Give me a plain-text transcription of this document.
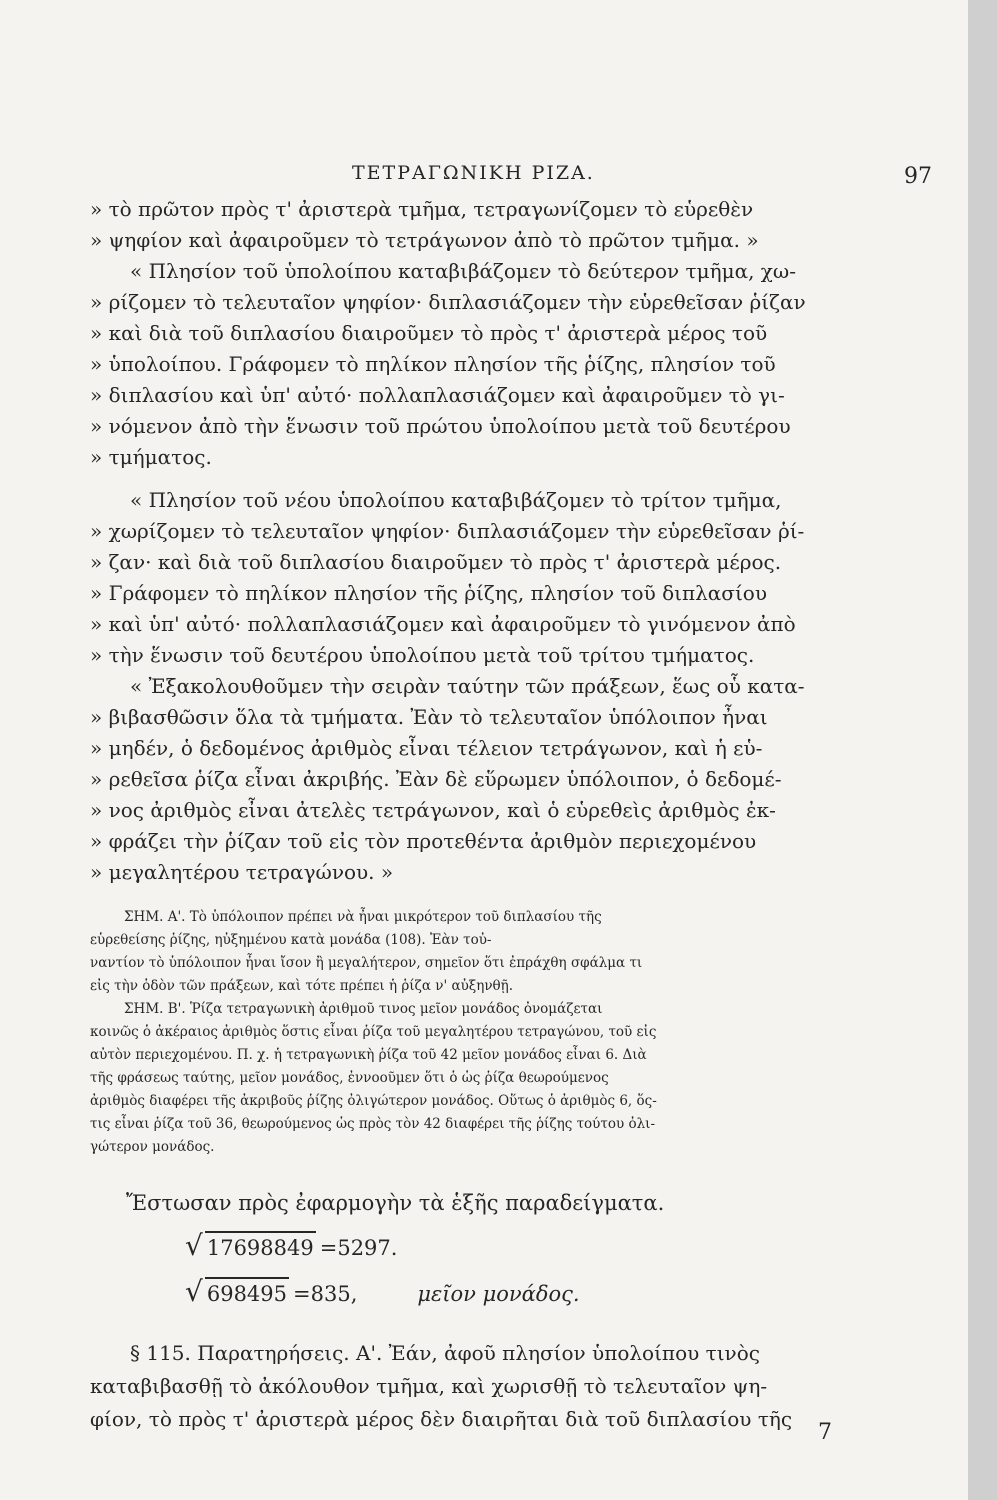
ΤΕΤΡΑΓΩΝΙΚΗ ΡΙΖΑ.	97
» τὸ πρῶτον πρὸς τ' ἀριστερὰ τμῆμα, τετραγωνίζομεν τὸ εὑρεθὲν
» ψηφίον καὶ ἀφαιροῦμεν τὸ τετράγωνον ἀπὸ τὸ πρῶτον τμῆμα. »
« Πλησίον τοῦ ὑπολοίπου καταβιβάζομεν τὸ δεύτερον τμῆμα, χω-
» ρίζομεν τὸ τελευταῖον ψηφίον· διπλασιάζομεν τὴν εὑρεθεῖσαν ῥίζαν
» καὶ διὰ τοῦ διπλασίου διαιροῦμεν τὸ πρὸς τ' ἀριστερὰ μέρος τοῦ
» ὑπολοίπου. Γράφομεν τὸ πηλίκον πλησίον τῆς ῥίζης, πλησίον τοῦ
» διπλασίου καὶ ὑπ' αὐτό· πολλαπλασιάζομεν καὶ ἀφαιροῦμεν τὸ γι-
» νόμενον ἀπὸ τὴν ἕνωσιν τοῦ πρώτου ὑπολοίπου μετὰ τοῦ δευτέρου
» τμήματος.
« Πλησίον τοῦ νέου ὑπολοίπου καταβιβάζομεν τὸ τρίτον τμῆμα,
» χωρίζομεν τὸ τελευταῖον ψηφίον· διπλασιάζομεν τὴν εὑρεθεῖσαν ῥί-
» ζαν· καὶ διὰ τοῦ διπλασίου διαιροῦμεν τὸ πρὸς τ' ἀριστερὰ μέρος.
» Γράφομεν τὸ πηλίκον πλησίον τῆς ῥίζης, πλησίον τοῦ διπλασίου
» καὶ ὑπ' αὐτό· πολλαπλασιάζομεν καὶ ἀφαιροῦμεν τὸ γινόμενον ἀπὸ
» τὴν ἕνωσιν τοῦ δευτέρου ὑπολοίπου μετὰ τοῦ τρίτου τμήματος.
« Ἐξακολουθοῦμεν τὴν σειρὰν ταύτην τῶν πράξεων, ἕως οὗ κατα-
» βιβασθῶσιν ὅλα τὰ τμήματα. Ἐὰν τὸ τελευταῖον ὑπόλοιπον ἦναι
» μηδέν, ὁ δεδομένος ἀριθμὸς εἶναι τέλειον τετράγωνον, καὶ ἡ εὑ-
» ρεθεῖσα ῥίζα εἶναι ἀκριβής. Ἐὰν δὲ εὕρωμεν ὑπόλοιπον, ὁ δεδομέ-
» νος ἀριθμὸς εἶναι ἀτελὲς τετράγωνον, καὶ ὁ εὑρεθεὶς ἀριθμὸς ἐκ-
» φράζει τὴν ῥίζαν τοῦ εἰς τὸν προτεθέντα ἀριθμὸν περιεχομένου
» μεγαλητέρου τετραγώνου. »
ΣΗΜ. Α'. Τὸ ὑπόλοιπον πρέπει νὰ ἦναι μικρότερον τοῦ διπλασίου τῆς
εὑρεθείσης ῥίζης, ηὐξημένου κατὰ μονάδα (108). Ἐὰν τοὐ-
ναντίον τὸ ὑπόλοιπον ἦναι ἴσον ἢ μεγαλήτερον, σημεῖον ὅτι ἐπράχθη σφάλμα τι
εἰς τὴν ὁδὸν τῶν πράξεων, καὶ τότε πρέπει ἡ ῥίζα ν' αὐξηνθῇ.
ΣΗΜ. Β'. Ῥίζα τετραγωνικὴ ἀριθμοῦ τινος μεῖον μονάδος ὀνομάζεται
κοινῶς ὁ ἀκέραιος ἀριθμὸς ὅστις εἶναι ῥίζα τοῦ μεγαλητέρου τετραγώνου, τοῦ εἰς
αὐτὸν περιεχομένου. Π. χ. ἡ τετραγωνικὴ ῥίζα τοῦ 42 μεῖον μονάδος εἶναι 6. Διὰ
τῆς φράσεως ταύτης, μεῖον μονάδος, ἐννοοῦμεν ὅτι ὁ ὡς ῥίζα θεωρούμενος
ἀριθμὸς διαφέρει τῆς ἀκριβοῦς ῥίζης ὀλιγώτερον μονάδος. Οὕτως ὁ ἀριθμὸς 6, ὅς-
τις εἶναι ῥίζα τοῦ 36, θεωρούμενος ὡς πρὸς τὸν 42 διαφέρει τῆς ῥίζης τούτου ὀλι-
γώτερον μονάδος.
Ἔστωσαν πρὸς ἐφαρμογὴν τὰ ἑξῆς παραδείγματα.
√ 17698849 =5297.
√ 698495 =835,	μεῖον μονάδος.
§ 115. Παρατηρήσεις. Α'. Ἐάν, ἀφοῦ πλησίον ὑπολοίπου τινὸς
καταβιβασθῇ τὸ ἀκόλουθον τμῆμα, καὶ χωρισθῇ τὸ τελευταῖον ψη-
φίον, τὸ πρὸς τ' ἀριστερὰ μέρος δὲν διαιρῆται διὰ τοῦ διπλασίου τῆς
7
